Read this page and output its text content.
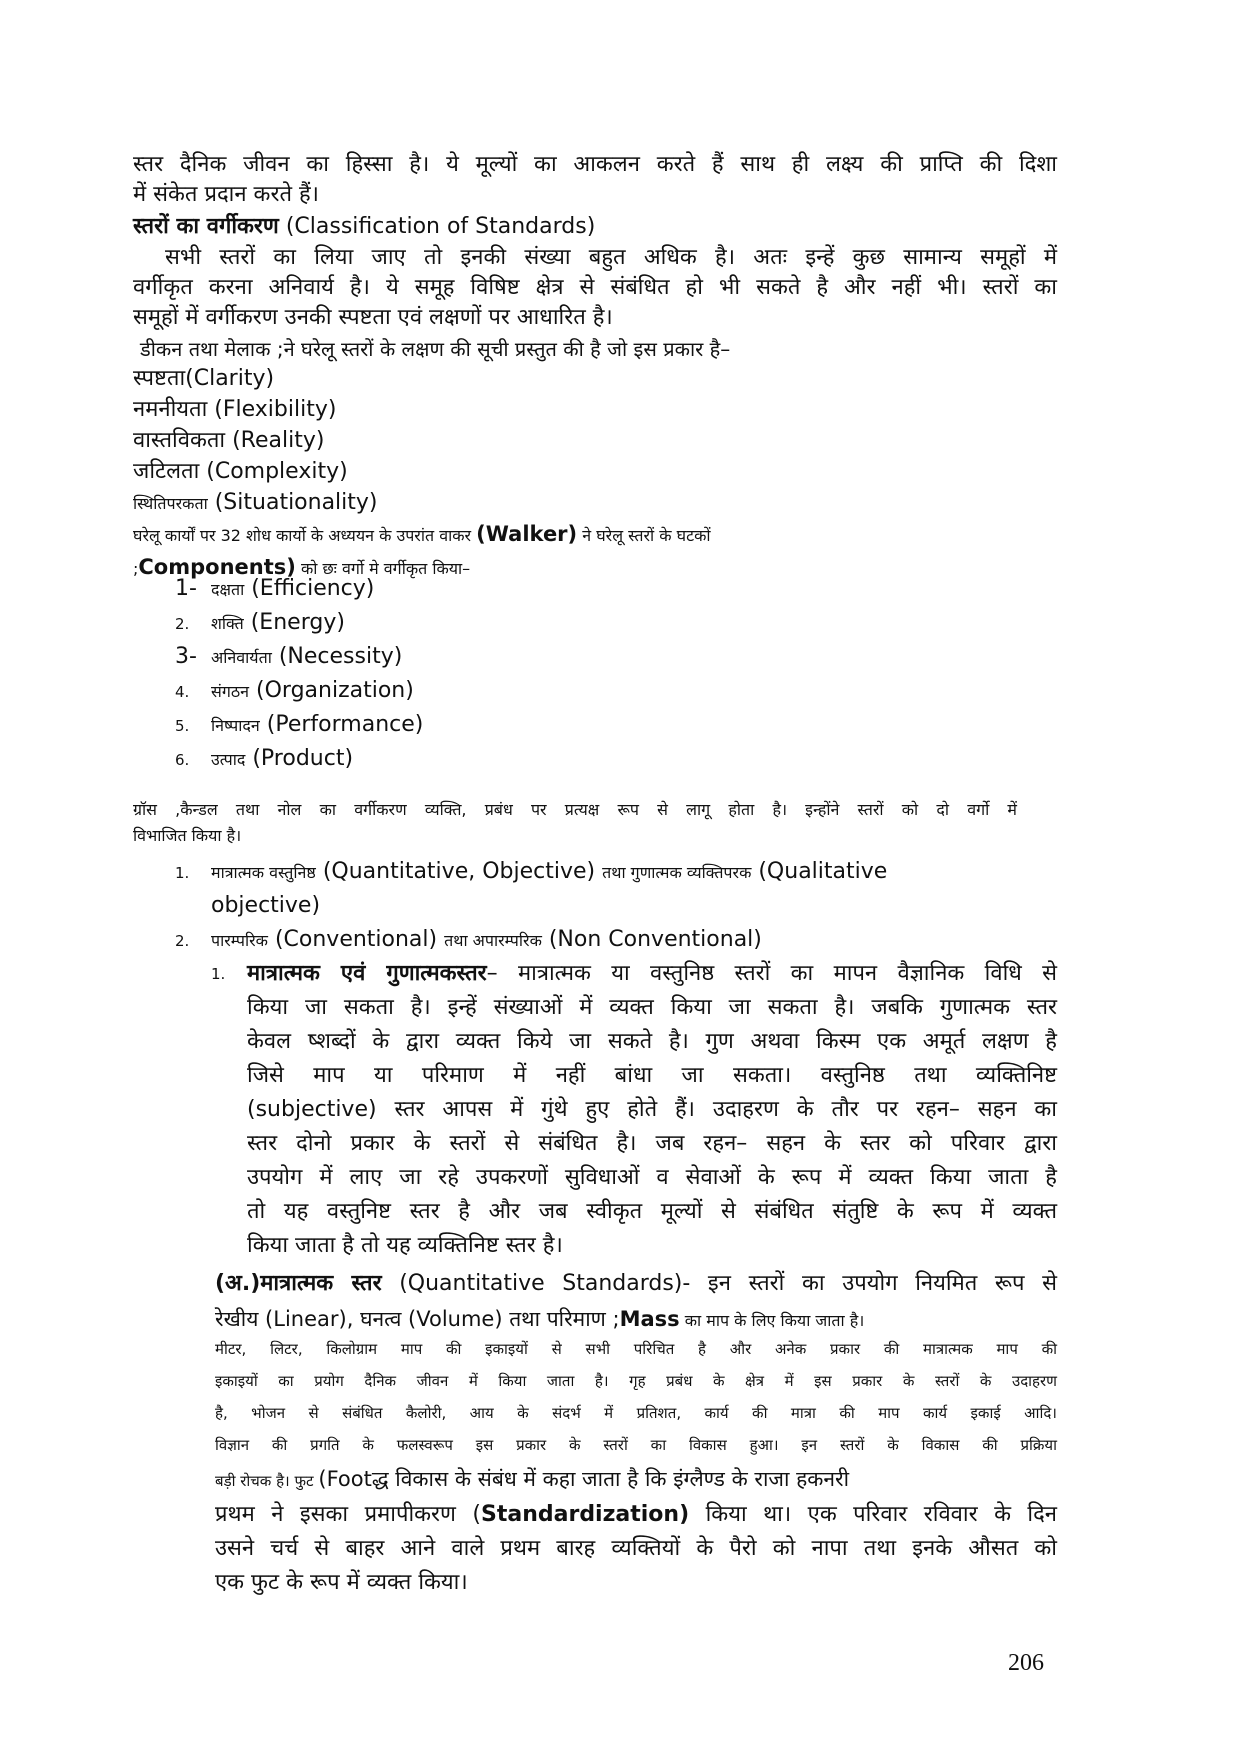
स्तर दैनिक जीवन का हिस्सा है। ये मूल्यों का आकलन करते हैं साथ ही लक्ष्य की प्राप्ति की दिशा
में संकेत प्रदान करते हैं।
स्तरों का वर्गीकरण (Classification of Standards)
सभी स्तरों का लिया जाए तो इनकी संख्या बहुत अधिक है। अतः इन्हें कुछ सामान्य समूहों में
वर्गीकृत करना अनिवार्य है। ये समूह विषिष्ट क्षेत्र से संबंधित हो भी सकते है और नहीं भी। स्तरों का
समूहों में वर्गीकरण उनकी स्पष्टता एवं लक्षणों पर आधारित है।
डीकन तथा मेलाक ;ने घरेलू स्तरों के लक्षण की सूची प्रस्तुत की है जो इस प्रकार है–
स्पष्टता(Clarity)
नमनीयता (Flexibility)
वास्तविकता (Reality)
जटिलता (Complexity)
स्थितिपरकता (Situationality)
घरेलू कार्यों पर 32 शोध कार्यो के अध्ययन के उपरांत वाकर (Walker) ने घरेलू स्तरों के घटकों
;Components) को छः वर्गो मे वर्गीकृत किया–
1- दक्षता (Efficiency)
2. शक्ति (Energy)
3- अनिवार्यता (Necessity)
4. संगठन (Organization)
5. निष्पादन (Performance)
6. उत्पाद (Product)
ग्रॉस ,कैन्डल तथा नोल का वर्गीकरण व्यक्ति, प्रबंध पर प्रत्यक्ष रूप से लागू होता है। इन्होंने स्तरों को दो वर्गो में
विभाजित किया है।
1. मात्रात्मक वस्तुनिष्ठ (Quantitative, Objective) तथा गुणात्मक व्यक्तिपरक (Qualitative
objective)
2. पारम्परिक (Conventional) तथा अपारम्परिक (Non Conventional)
1. मात्रात्मक एवं गुणात्मकस्तर– मात्रात्मक या वस्तुनिष्ठ स्तरों का मापन वैज्ञानिक विधि से
किया जा सकता है। इन्हें संख्याओं में व्यक्त किया जा सकता है। जबकि गुणात्मक स्तर
केवल ष्शब्दों के द्वारा व्यक्त किये जा सकते है। गुण अथवा किस्म एक अमूर्त लक्षण है
जिसे माप या परिमाण में नहीं बांधा जा सकता। वस्तुनिष्ठ तथा व्यक्तिनिष्ट
(subjective) स्तर आपस में गुंथे हुए होते हैं। उदाहरण के तौर पर रहन– सहन का
स्तर दोनो प्रकार के स्तरों से संबंधित है। जब रहन– सहन के स्तर को परिवार द्वारा
उपयोग में लाए जा रहे उपकरणों सुविधाओं व सेवाओं के रूप में व्यक्त किया जाता है
तो यह वस्तुनिष्ट स्तर है और जब स्वीकृत मूल्यों से संबंधित संतुष्टि के रूप में व्यक्त
किया जाता है तो यह व्यक्तिनिष्ट स्तर है।
(अ.)मात्रात्मक स्तर (Quantitative Standards)- इन स्तरों का उपयोग नियमित रूप से
रेखीय (Linear), घनत्व (Volume) तथा परिमाण ;Mass का माप के लिए किया जाता है।
मीटर, लिटर, किलोग्राम माप की इकाइयों से सभी परिचित है और अनेक प्रकार की मात्रात्मक माप की
इकाइयों का प्रयोग दैनिक जीवन में किया जाता है। गृह प्रबंध के क्षेत्र में इस प्रकार के स्तरों के उदाहरण
है, भोजन से संबंधित कैलोरी, आय के संदर्भ में प्रतिशत, कार्य की मात्रा की माप कार्य इकाई आदि।
विज्ञान की प्रगति के फलस्वरूप इस प्रकार के स्तरों का विकास हुआ। इन स्तरों के विकास की प्रक्रिया
बड़ी रोचक है। फुट (Footद्ध विकास के संबंध में कहा जाता है कि इंग्लैण्ड के राजा हकनरी
प्रथम ने इसका प्रमापीकरण (Standardization) किया था। एक परिवार रविवार के दिन
उसने चर्च से बाहर आने वाले प्रथम बारह व्यक्तियों के पैरो को नापा तथा इनके औसत को
एक फुट के रूप में व्यक्त किया।
206
